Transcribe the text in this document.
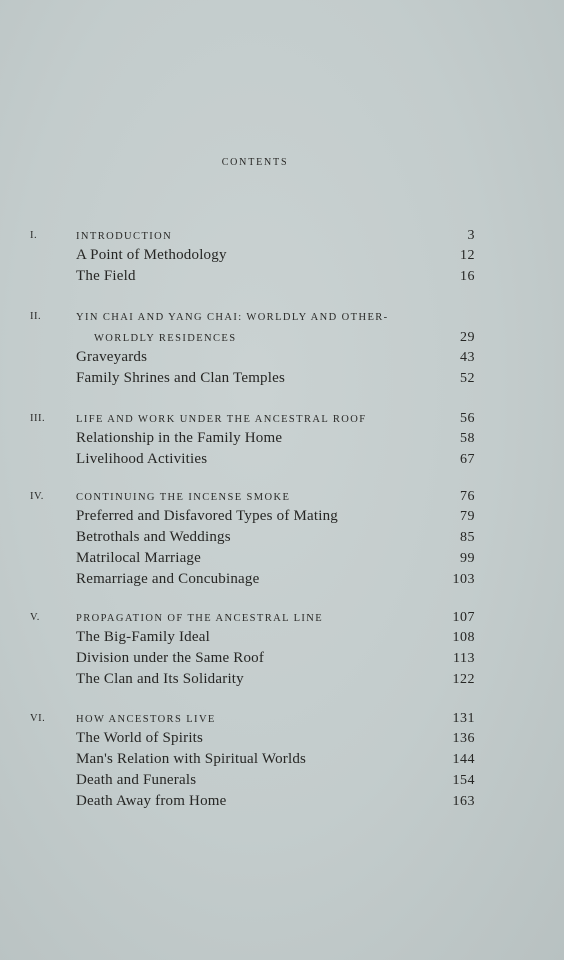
contents
I.	INTRODUCTION	3
A Point of Methodology	12
The Field	16
II.	YIN CHAI AND YANG CHAI: WORLDLY AND OTHER-
WORLDLY RESIDENCES	29
Graveyards	43
Family Shrines and Clan Temples	52
III.	LIFE AND WORK UNDER THE ANCESTRAL ROOF	56
Relationship in the Family Home	58
Livelihood Activities	67
IV.	CONTINUING THE INCENSE SMOKE	76
Preferred and Disfavored Types of Mating	79
Betrothals and Weddings	85
Matrilocal Marriage	99
Remarriage and Concubinage	103
V.	PROPAGATION OF THE ANCESTRAL LINE	107
The Big-Family Ideal	108
Division under the Same Roof	113
The Clan and Its Solidarity	122
VI.	HOW ANCESTORS LIVE	131
The World of Spirits	136
Man's Relation with Spiritual Worlds	144
Death and Funerals	154
Death Away from Home	163
